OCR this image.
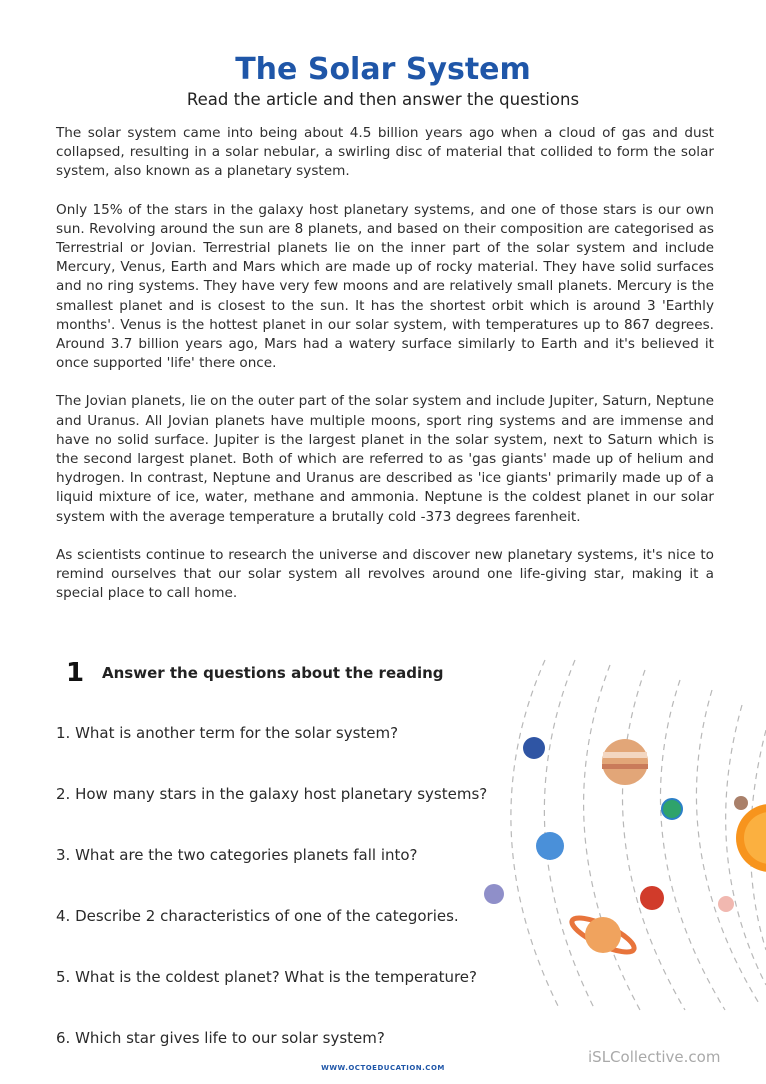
The Solar System

Read the article and then answer the questions

The solar system came into being about 4.5 billion years ago when a cloud of gas and dust collapsed, resulting in a solar nebular, a swirling disc of material that collided to form the solar system, also known as a planetary system.

Only 15% of the stars in the galaxy host planetary systems, and one of those stars is our own sun. Revolving around the sun are 8 planets, and based on their composition are categorised as Terrestrial or Jovian. Terrestrial planets lie on the inner part of the solar system and include Mercury, Venus, Earth and Mars which are made up of rocky material. They have solid surfaces and no ring systems. They have very few moons and are relatively small planets. Mercury is the smallest planet and is closest to the sun. It has the shortest orbit which is around 3 'Earthly months'. Venus is the hottest planet in our solar system, with temperatures up to 867 degrees. Around 3.7 billion years ago, Mars had a watery surface similarly to Earth and it's believed it once supported 'life' there once.

The Jovian planets, lie on the outer part of the solar system and include Jupiter, Saturn, Neptune and Uranus. All Jovian planets have multiple moons, sport ring systems and are immense and have no solid surface. Jupiter is the largest planet in the solar system, next to Saturn which is the second largest planet. Both of which are referred to as 'gas giants' made up of helium and hydrogen. In contrast, Neptune and Uranus are described as 'ice giants' primarily made up of a liquid mixture of ice, water, methane and ammonia. Neptune is the coldest planet in our solar system with the average temperature a brutally cold -373 degrees farenheit.

As scientists continue to research the universe and discover new planetary systems, it's nice to remind ourselves that our solar system all revolves around one life-giving star, making it a special place to call home.

1	Answer the questions about the reading

1. What is another term for the solar system?

2. How many stars in the galaxy host planetary systems?

3. What are the two categories planets fall into?

4. Describe 2 characteristics of one of the categories.

5. What is the coldest planet? What is the temperature?

6. Which star gives life to our solar system?

WWW.OCTOEDUCATION.COM
iSLCollective.com
